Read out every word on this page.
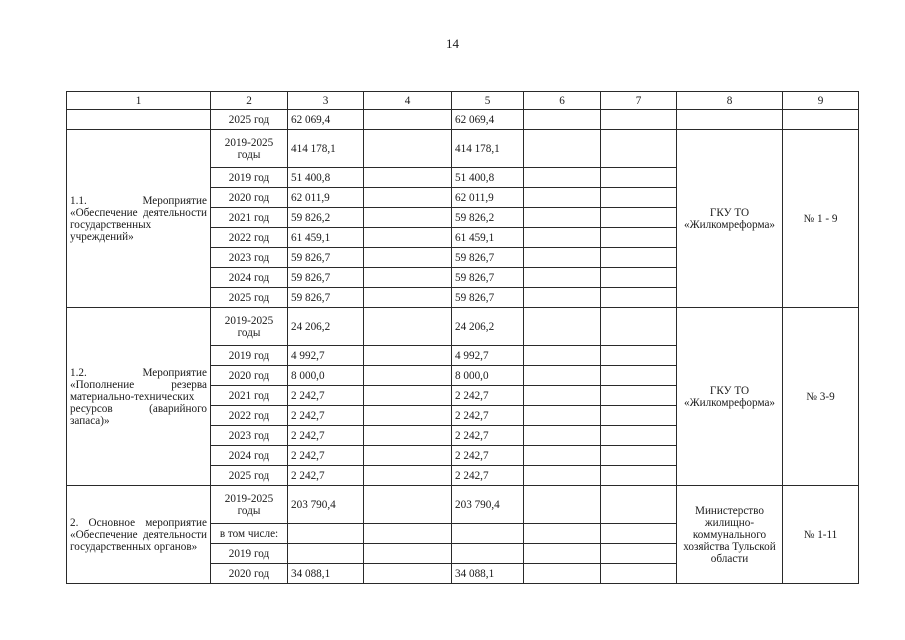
14
1	2	3	4	5	6	7	8	9
	2025 год	62 069,4		62 069,4				

1.1. Мероприятие
«Обеспечение деятельности государственных учреждений»	2019-2025 годы	414 178,1		414 178,1			ГКУ ТО «Жилкомреформа»	№ 1 - 9
	2019 год	51 400,8		51 400,8				
	2020 год	62 011,9		62 011,9				
	2021 год	59 826,2		59 826,2				
	2022 год	61 459,1		61 459,1				
	2023 год	59 826,7		59 826,7				
	2024 год	59 826,7		59 826,7				
	2025 год	59 826,7		59 826,7				

1.2. Мероприятие
«Пополнение резерва материально-технических ресурсов (аварийного запаса)»	2019-2025 годы	24 206,2		24 206,2			ГКУ ТО «Жилкомреформа»	№ 3-9
	2019 год	4 992,7		4 992,7				
	2020 год	8 000,0		8 000,0				
	2021 год	2 242,7		2 242,7				
	2022 год	2 242,7		2 242,7				
	2023 год	2 242,7		2 242,7				
	2024 год	2 242,7		2 242,7				
	2025 год	2 242,7		2 242,7				

2. Основное мероприятие «Обеспечение деятельности государственных органов»	2019-2025 годы	203 790,4		203 790,4			Министерство жилищно-коммунального хозяйства Тульской области	№ 1-11
	в том числе:							
	2019 год							
	2020 год	34 088,1		34 088,1				
